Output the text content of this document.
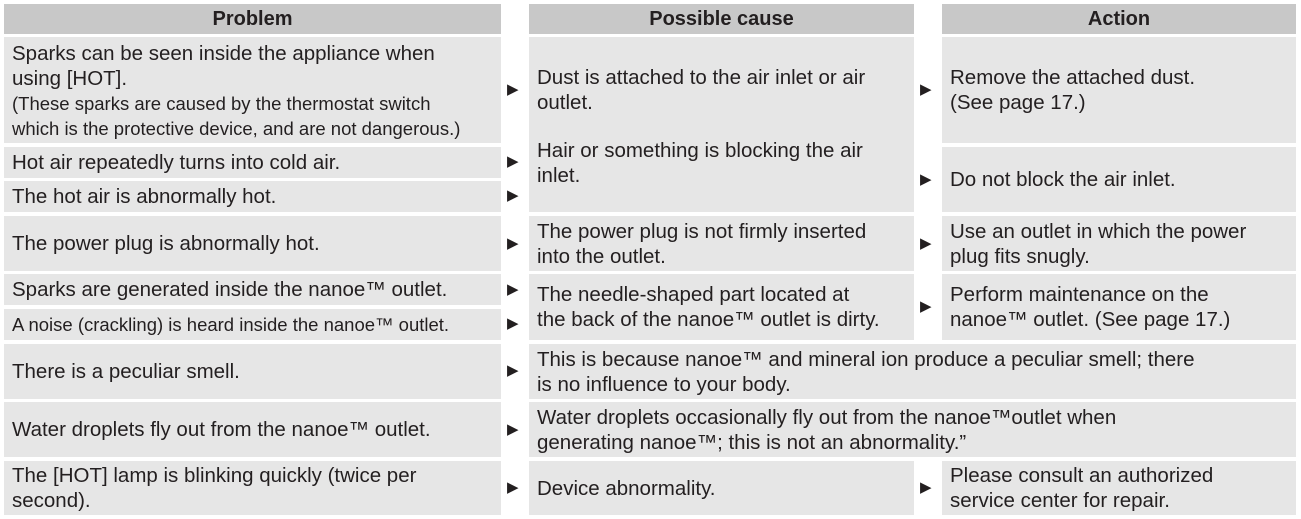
Problem	Possible cause	Action
Sparks can be seen inside the appliance when
using [HOT].
(These sparks are caused by the thermostat switch
which is the protective device, and are not dangerous.)
Hot air repeatedly turns into cold air.
The hot air is abnormally hot.
The power plug is abnormally hot.
Sparks are generated inside the nanoe™ outlet.
A noise (crackling) is heard inside the nanoe™ outlet.
There is a peculiar smell.
Water droplets fly out from the nanoe™ outlet.
The [HOT] lamp is blinking quickly (twice per
second).
Dust is attached to the air inlet or air
outlet.
Hair or something is blocking the air
inlet.
The power plug is not firmly inserted
into the outlet.
The needle-shaped part located at
the back of the nanoe™ outlet is dirty.
This is because nanoe™ and mineral ion produce a peculiar smell; there
is no influence to your body.
Water droplets occasionally fly out from the nanoe™outlet when
generating nanoe™; this is not an abnormality.”
Device abnormality.
Remove the attached dust.
(See page 17.)
Do not block the air inlet.
Use an outlet in which the power
plug fits snugly.
Perform maintenance on the
nanoe™ outlet. (See page 17.)
Please consult an authorized
service center for repair.
▶
▶
▶
▶
▶
▶
▶
▶
▶
▶
▶
▶
▶
▶
